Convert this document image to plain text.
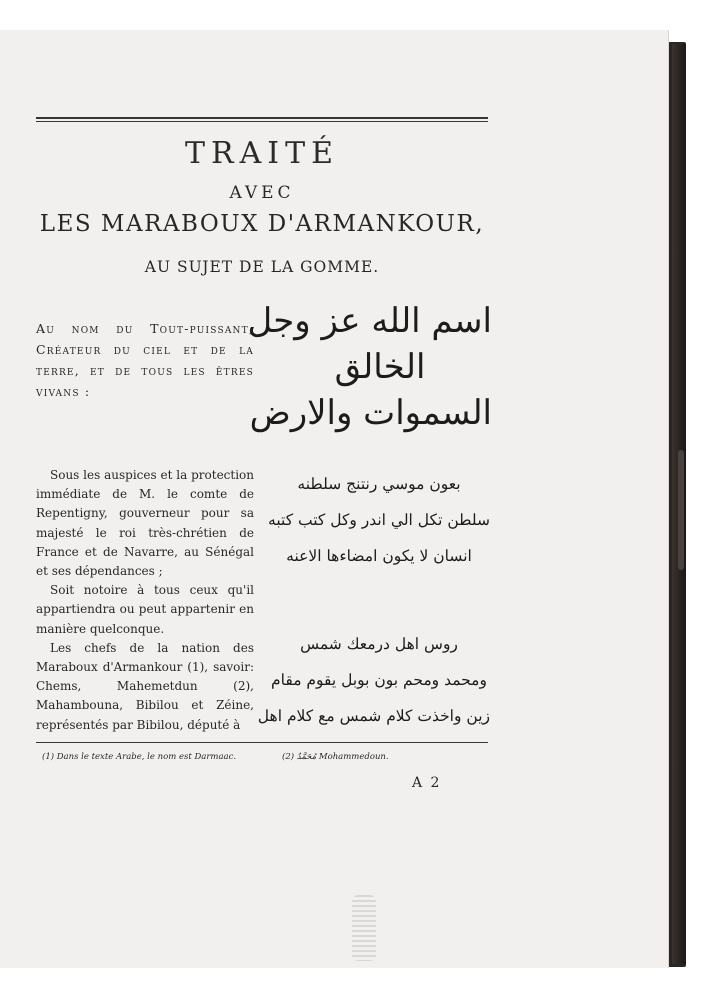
TRAITÉ
AVEC
LES MARABOUX D'ARMANKOUR,
AU SUJET DE LA GOMME.
Au nom du Tout-puissant, Créateur du ciel et de la terre, et de tous les êtres vivans :

Sous les auspices et la protection immédiate de M. le comte de Repentigny, gouverneur pour sa majesté le roi très-chrétien de France et de Navarre, au Sénégal et ses dépendances ;

Soit notoire à tous ceux qu'il appartiendra ou peut appartenir en manière quelconque.

Les chefs de la nation des Maraboux d'Armankour (1), savoir: Chems, Mahemetdun (2), Mahambouna, Bibilou et Zéine, représentés par Bibilou, député à

اسم الله عز وجل
الخالق
السموات والارض
بعون موسي رنتنج سلطنه
سلطن تكل الي اندر وكل كتب كتبه
انسان لا يكون امضاءها الاعنه
روس اهل درمعك شمس
ومحمد ومحم بون بوبل يقوم مقام
زين واخذت كلام شمس مع كلام اهل
(1) Dans le texte Arabe, le nom est Darmaac.	(2) مُحَمَّدٌ Mohammedoun.
A 2
